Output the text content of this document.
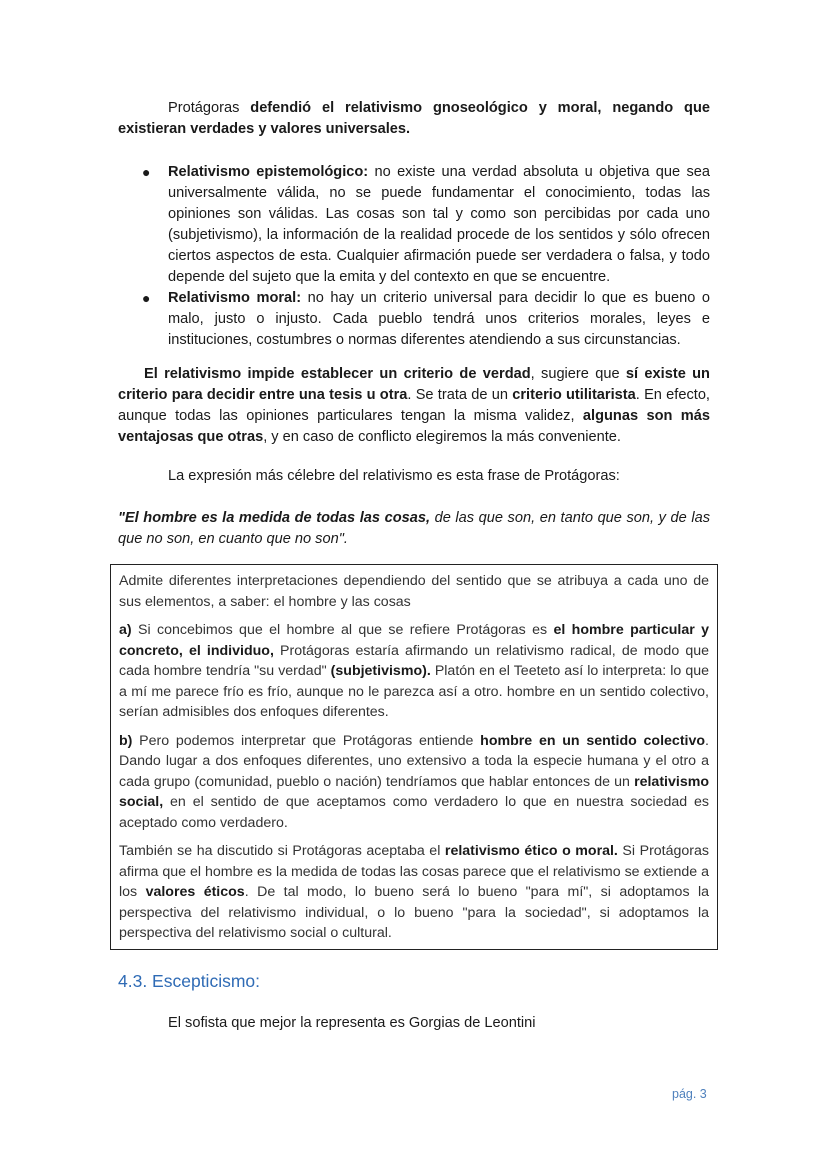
Protágoras defendió el relativismo gnoseológico y moral, negando que existieran verdades y valores universales.

● Relativismo epistemológico: no existe una verdad absoluta u objetiva que sea universalmente válida, no se puede fundamentar el conocimiento, todas las opiniones son válidas. Las cosas son tal y como son percibidas por cada uno (subjetivismo), la información de la realidad procede de los sentidos y sólo ofrecen ciertos aspectos de esta. Cualquier afirmación puede ser verdadera o falsa, y todo depende del sujeto que la emita y del contexto en que se encuentre.
● Relativismo moral: no hay un criterio universal para decidir lo que es bueno o malo, justo o injusto. Cada pueblo tendrá unos criterios morales, leyes e instituciones, costumbres o normas diferentes atendiendo a sus circunstancias.

El relativismo impide establecer un criterio de verdad, sugiere que sí existe un criterio para decidir entre una tesis u otra. Se trata de un criterio utilitarista. En efecto, aunque todas las opiniones particulares tengan la misma validez, algunas son más ventajosas que otras, y en caso de conflicto elegiremos la más conveniente.

La expresión más célebre del relativismo es esta frase de Protágoras:

"El hombre es la medida de todas las cosas, de las que son, en tanto que son, y de las que no son, en cuanto que no son".

Admite diferentes interpretaciones dependiendo del sentido que se atribuya a cada uno de sus elementos, a saber: el hombre y las cosas

a) Si concebimos que el hombre al que se refiere Protágoras es el hombre particular y concreto, el individuo, Protágoras estaría afirmando un relativismo radical, de modo que cada hombre tendría "su verdad" (subjetivismo). Platón en el Teeteto así lo interpreta: lo que a mí me parece frío es frío, aunque no le parezca así a otro. hombre en un sentido colectivo, serían admisibles dos enfoques diferentes.

b) Pero podemos interpretar que Protágoras entiende hombre en un sentido colectivo. Dando lugar a dos enfoques diferentes, uno extensivo a toda la especie humana y el otro a cada grupo (comunidad, pueblo o nación) tendríamos que hablar entonces de un relativismo social, en el sentido de que aceptamos como verdadero lo que en nuestra sociedad es aceptado como verdadero.

También se ha discutido si Protágoras aceptaba el relativismo ético o moral. Si Protágoras afirma que el hombre es la medida de todas las cosas parece que el relativismo se extiende a los valores éticos. De tal modo, lo bueno será lo bueno "para mí", si adoptamos la perspectiva del relativismo individual, o lo bueno "para la sociedad", si adoptamos la perspectiva del relativismo social o cultural.

4.3. Escepticismo:

El sofista que mejor la representa es Gorgias de Leontini

pág. 3
